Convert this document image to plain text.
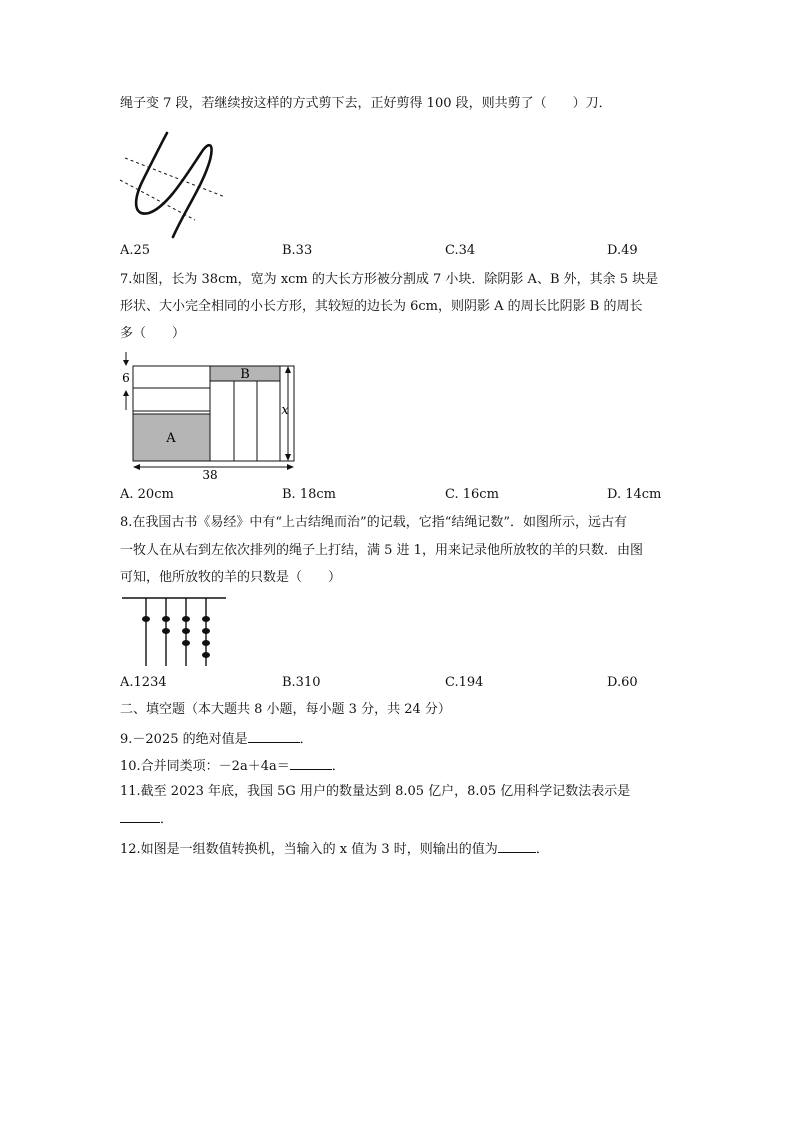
绳子变 7 段，若继续按这样的方式剪下去，正好剪得 100 段，则共剪了（　　）刀．
A.25	B.33	C.34	D.49
7.如图，长为 38cm，宽为 xcm 的大长方形被分割成 7 小块．除阴影 A、B 外，其余 5 块是
形状、大小完全相同的小长方形，其较短的边长为 6cm，则阴影 A 的周长比阴影 B 的周长
多（　　）
A
B
6
x
38
A. 20cm	B. 18cm	C. 16cm	D. 14cm
8.在我国古书《易经》中有“上古结绳而治”的记载，它指“结绳记数”．如图所示，远古有
一牧人在从右到左依次排列的绳子上打结，满 5 进 1，用来记录他所放牧的羊的只数．由图
可知，他所放牧的羊的只数是（　　）
A.1234	B.310	C.194	D.60
二、填空题（本大题共 8 小题，每小题 3 分，共 24 分）
9.－2025 的绝对值是	．
10.合并同类项：－2a＋4a＝	．
11.截至 2023 年底，我国 5G 用户的数量达到 8.05 亿户，8.05 亿用科学记数法表示是
．
12.如图是一组数值转换机，当输入的 x 值为 3 时，则输出的值为	．
